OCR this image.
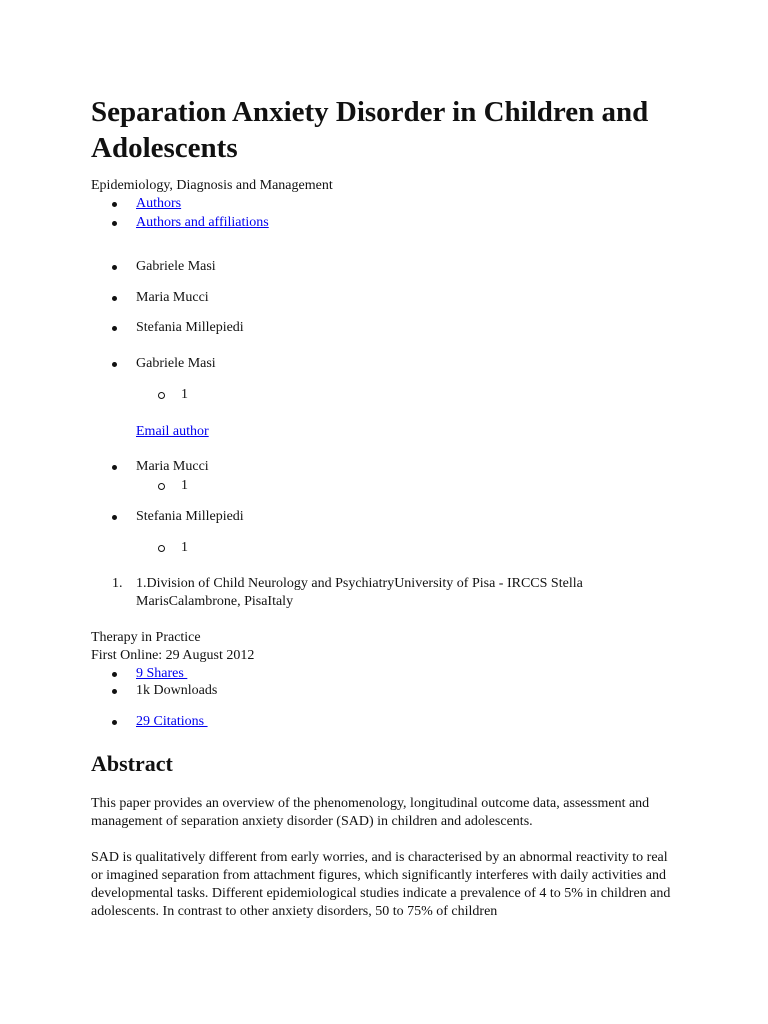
Separation Anxiety Disorder in Children and Adolescents
Epidemiology, Diagnosis and Management
Authors
Authors and affiliations
Gabriele Masi
Maria Mucci
Stefania Millepiedi
Gabriele Masi
1
Email author
Maria Mucci
1
Stefania Millepiedi
1
1. 1.Division of Child Neurology and PsychiatryUniversity of Pisa - IRCCS Stella MarisCalambrone, PisaItaly
Therapy in Practice
First Online: 29 August 2012
9 Shares
1k Downloads
29 Citations
Abstract
This paper provides an overview of the phenomenology, longitudinal outcome data, assessment and management of separation anxiety disorder (SAD) in children and adolescents.
SAD is qualitatively different from early worries, and is characterised by an abnormal reactivity to real or imagined separation from attachment figures, which significantly interferes with daily activities and developmental tasks. Different epidemiological studies indicate a prevalence of 4 to 5% in children and adolescents. In contrast to other anxiety disorders, 50 to 75% of children
